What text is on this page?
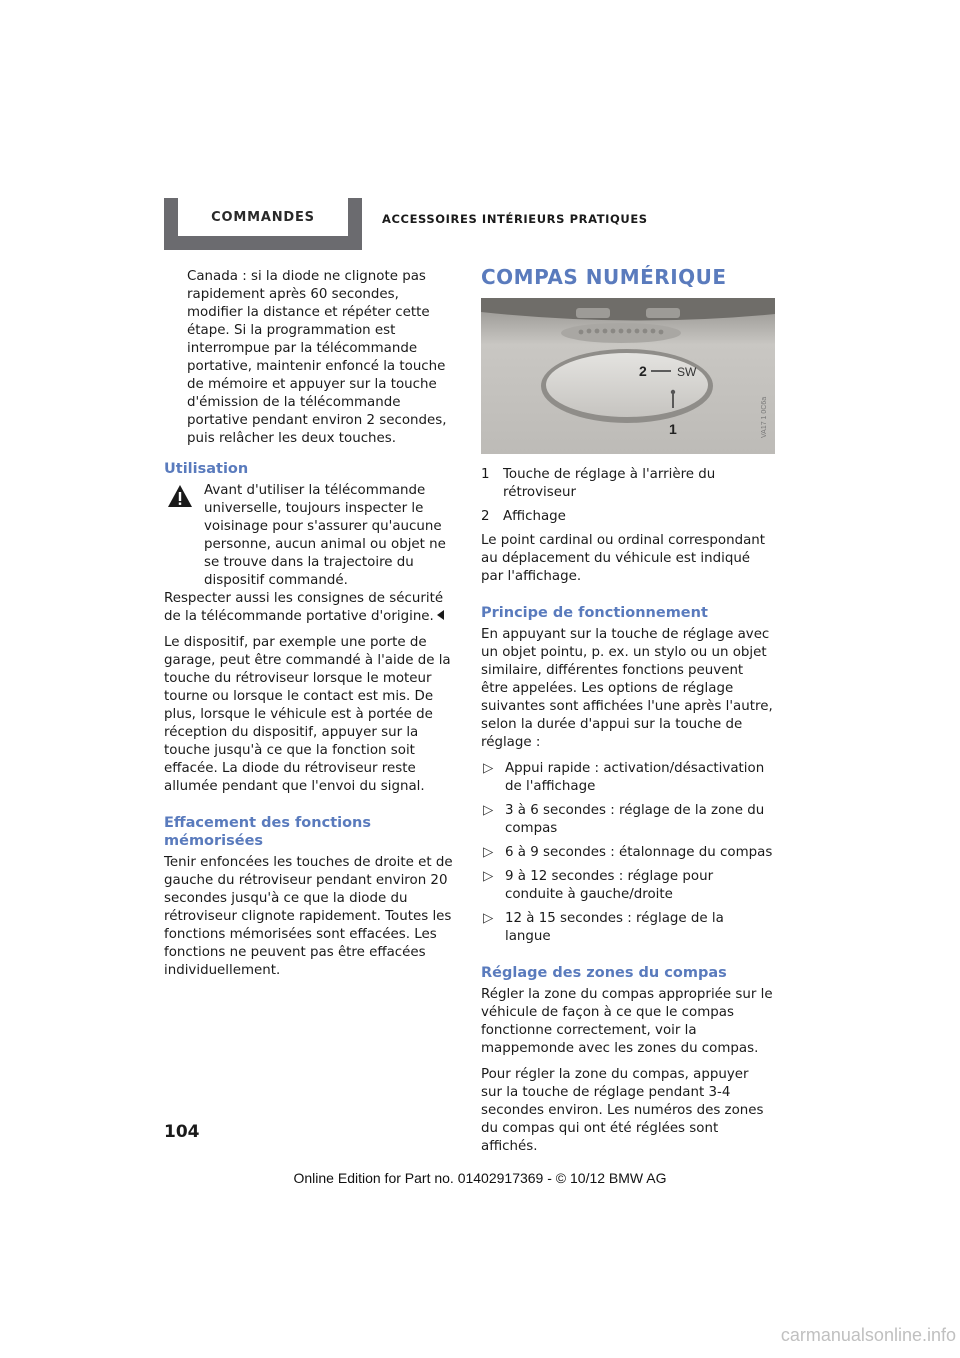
COMMANDES	ACCESSOIRES INTÉRIEURS PRATIQUES

Canada : si la diode ne clignote pas rapidement après 60 secondes, modifier la distance et répéter cette étape. Si la programmation est interrompue par la télécommande portative, maintenir enfoncé la touche de mémoire et appuyer sur la touche d'émission de la télécommande portative pendant environ 2 secondes, puis relâcher les deux touches.

Utilisation

Avant d'utiliser la télécommande universelle, toujours inspecter le voisinage pour s'assurer qu'aucune personne, aucun animal ou objet ne se trouve dans la trajectoire du dispositif commandé.

Respecter aussi les consignes de sécurité de la télécommande portative d'origine.

Le dispositif, par exemple une porte de garage, peut être commandé à l'aide de la touche du rétroviseur lorsque le moteur tourne ou lorsque le contact est mis. De plus, lorsque le véhicule est à portée de réception du dispositif, appuyer sur la touche jusqu'à ce que la fonction soit effacée. La diode du rétroviseur reste allumée pendant que l'envoi du signal.

Effacement des fonctions mémorisées

Tenir enfoncées les touches de droite et de gauche du rétroviseur pendant environ 20 secondes jusqu'à ce que la diode du rétroviseur clignote rapidement. Toutes les fonctions mémorisées sont effacées. Les fonctions ne peuvent pas être effacées individuellement.

COMPAS NUMÉRIQUE
2	SW
1	VA17 1 0C6a
1	Touche de réglage à l'arrière du rétroviseur
2	Affichage

Le point cardinal ou ordinal correspondant au déplacement du véhicule est indiqué par l'affichage.

Principe de fonctionnement

En appuyant sur la touche de réglage avec un objet pointu, p. ex. un stylo ou un objet similaire, différentes fonctions peuvent être appelées. Les options de réglage suivantes sont affichées l'une après l'autre, selon la durée d'appui sur la touche de réglage :

▷ Appui rapide : activation/désactivation de l'affichage
▷ 3 à 6 secondes : réglage de la zone du compas
▷ 6 à 9 secondes : étalonnage du compas
▷ 9 à 12 secondes : réglage pour conduite à gauche/droite
▷ 12 à 15 secondes : réglage de la langue
Réglage des zones du compas

Régler la zone du compas appropriée sur le véhicule de façon à ce que le compas fonctionne correctement, voir la mappemonde avec les zones du compas.

Pour régler la zone du compas, appuyer sur la touche de réglage pendant 3-4 secondes environ. Les numéros des zones du compas qui ont été réglées sont affichés.

104
Online Edition for Part no. 01402917369 - © 10/12 BMW AG
carmanualsonline.info
